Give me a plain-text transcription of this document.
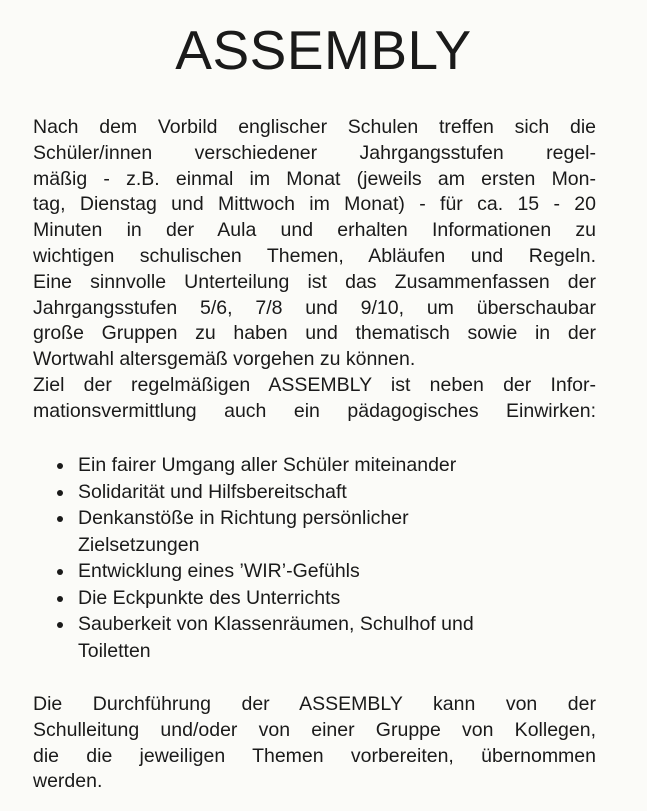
ASSEMBLY
Nach dem Vorbild englischer Schulen treffen sich die
Schüler/innen verschiedener Jahrgangsstufen regel-
mäßig - z.B. einmal im Monat (jeweils am ersten Mon-
tag, Dienstag und Mittwoch im Monat) - für ca. 15 - 20
Minuten in der Aula und erhalten Informationen zu
wichtigen schulischen Themen, Abläufen und Regeln.
Eine sinnvolle Unterteilung ist das Zusammenfassen der
Jahrgangsstufen 5/6, 7/8 und 9/10, um überschaubar
große Gruppen zu haben und thematisch sowie in der
Wortwahl altersgemäß vorgehen zu können.
Ziel der regelmäßigen ASSEMBLY ist neben der Infor-
mationsvermittlung auch ein pädagogisches Einwirken:
Ein fairer Umgang aller Schüler miteinander
Solidarität und Hilfsbereitschaft
Denkanstöße in Richtung persönlicher
Zielsetzungen
Entwicklung eines ’WIR’-Gefühls
Die Eckpunkte des Unterrichts
Sauberkeit von Klassenräumen, Schulhof und
Toiletten
Die Durchführung der ASSEMBLY kann von der
Schulleitung und/oder von einer Gruppe von Kollegen,
die die jeweiligen Themen vorbereiten, übernommen
werden.
